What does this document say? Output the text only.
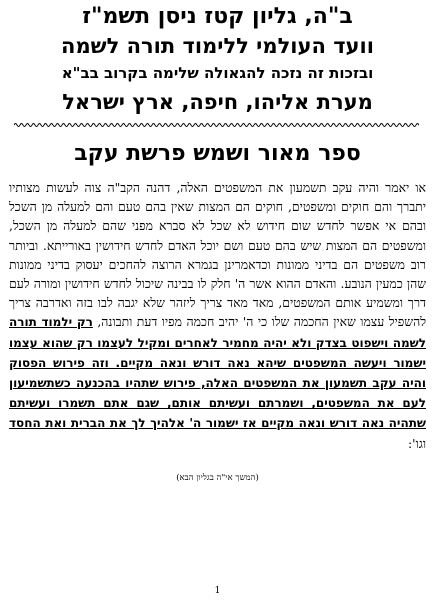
ב"ה, גליון קטז ניסן תשמ"ז
וועד העולמי ללימוד תורה לשמה
ובזכות זה נזכה להגאולה שלימה בקרוב בב"א
מערת אליהו, חיפה, ארץ ישראל
ספר מאור ושמש פרשת עקב

או יאמר והיה עקב תשמעון את המשפטים האלה, דהנה הקב"ה צוה לעשות מצותיו יתברך והם חוקים ומשפטים, חוקים הם המצות שאין בהם טעם והם למעלה מן השכל ובהם אי אפשר לחדש שום חידוש לא שכל לא סברא מפני שהם למעלה מן השכל, ומשפטים הם המצות שיש בהם טעם ושם יוכל האדם לחדש חידושין באורייתא. וביותר רוב משפטים הם בדיני ממונות וכדאמרינן בגמרא הרוצה להחכים יעסוק בדיני ממונות שהן כמעין הנובע. והאדם ההוא אשר ה' חלק לו בבינה שיכול לחדש חידושין ומורה לעם דרך ומשמיע אותם המשפטים, מאד מאד צריך ליזהר שלא יגבה לבו בזה ואדרבה צריך להשפיל עצמו שאין החכמה שלו כי ה' יהיב חכמה מפיו דעת ותבונה, רק ילמוד תורה לשמה וישפוט בצדק ולא יהיה מחמיר לאחרים ומקיל לעצמו רק שהוא עצמו ישמור ויעשה המשפטים שיהא נאה דורש ונאה מקיים. וזה פירוש הפסוק והיה עקב תשמעון את המשפטים האלה, פירוש שתהיו בהכנעה כשתשמיעון לעם את המשפטים, ושמרתם ועשיתם אותם, שגם אתם תשמרו ועשיתם שתהיה נאה דורש ונאה מקיים אז ישמור ה' אלהיך לך את הברית ואת החסד וגו':

(המשך אי"ה בגליון הבא)
1
